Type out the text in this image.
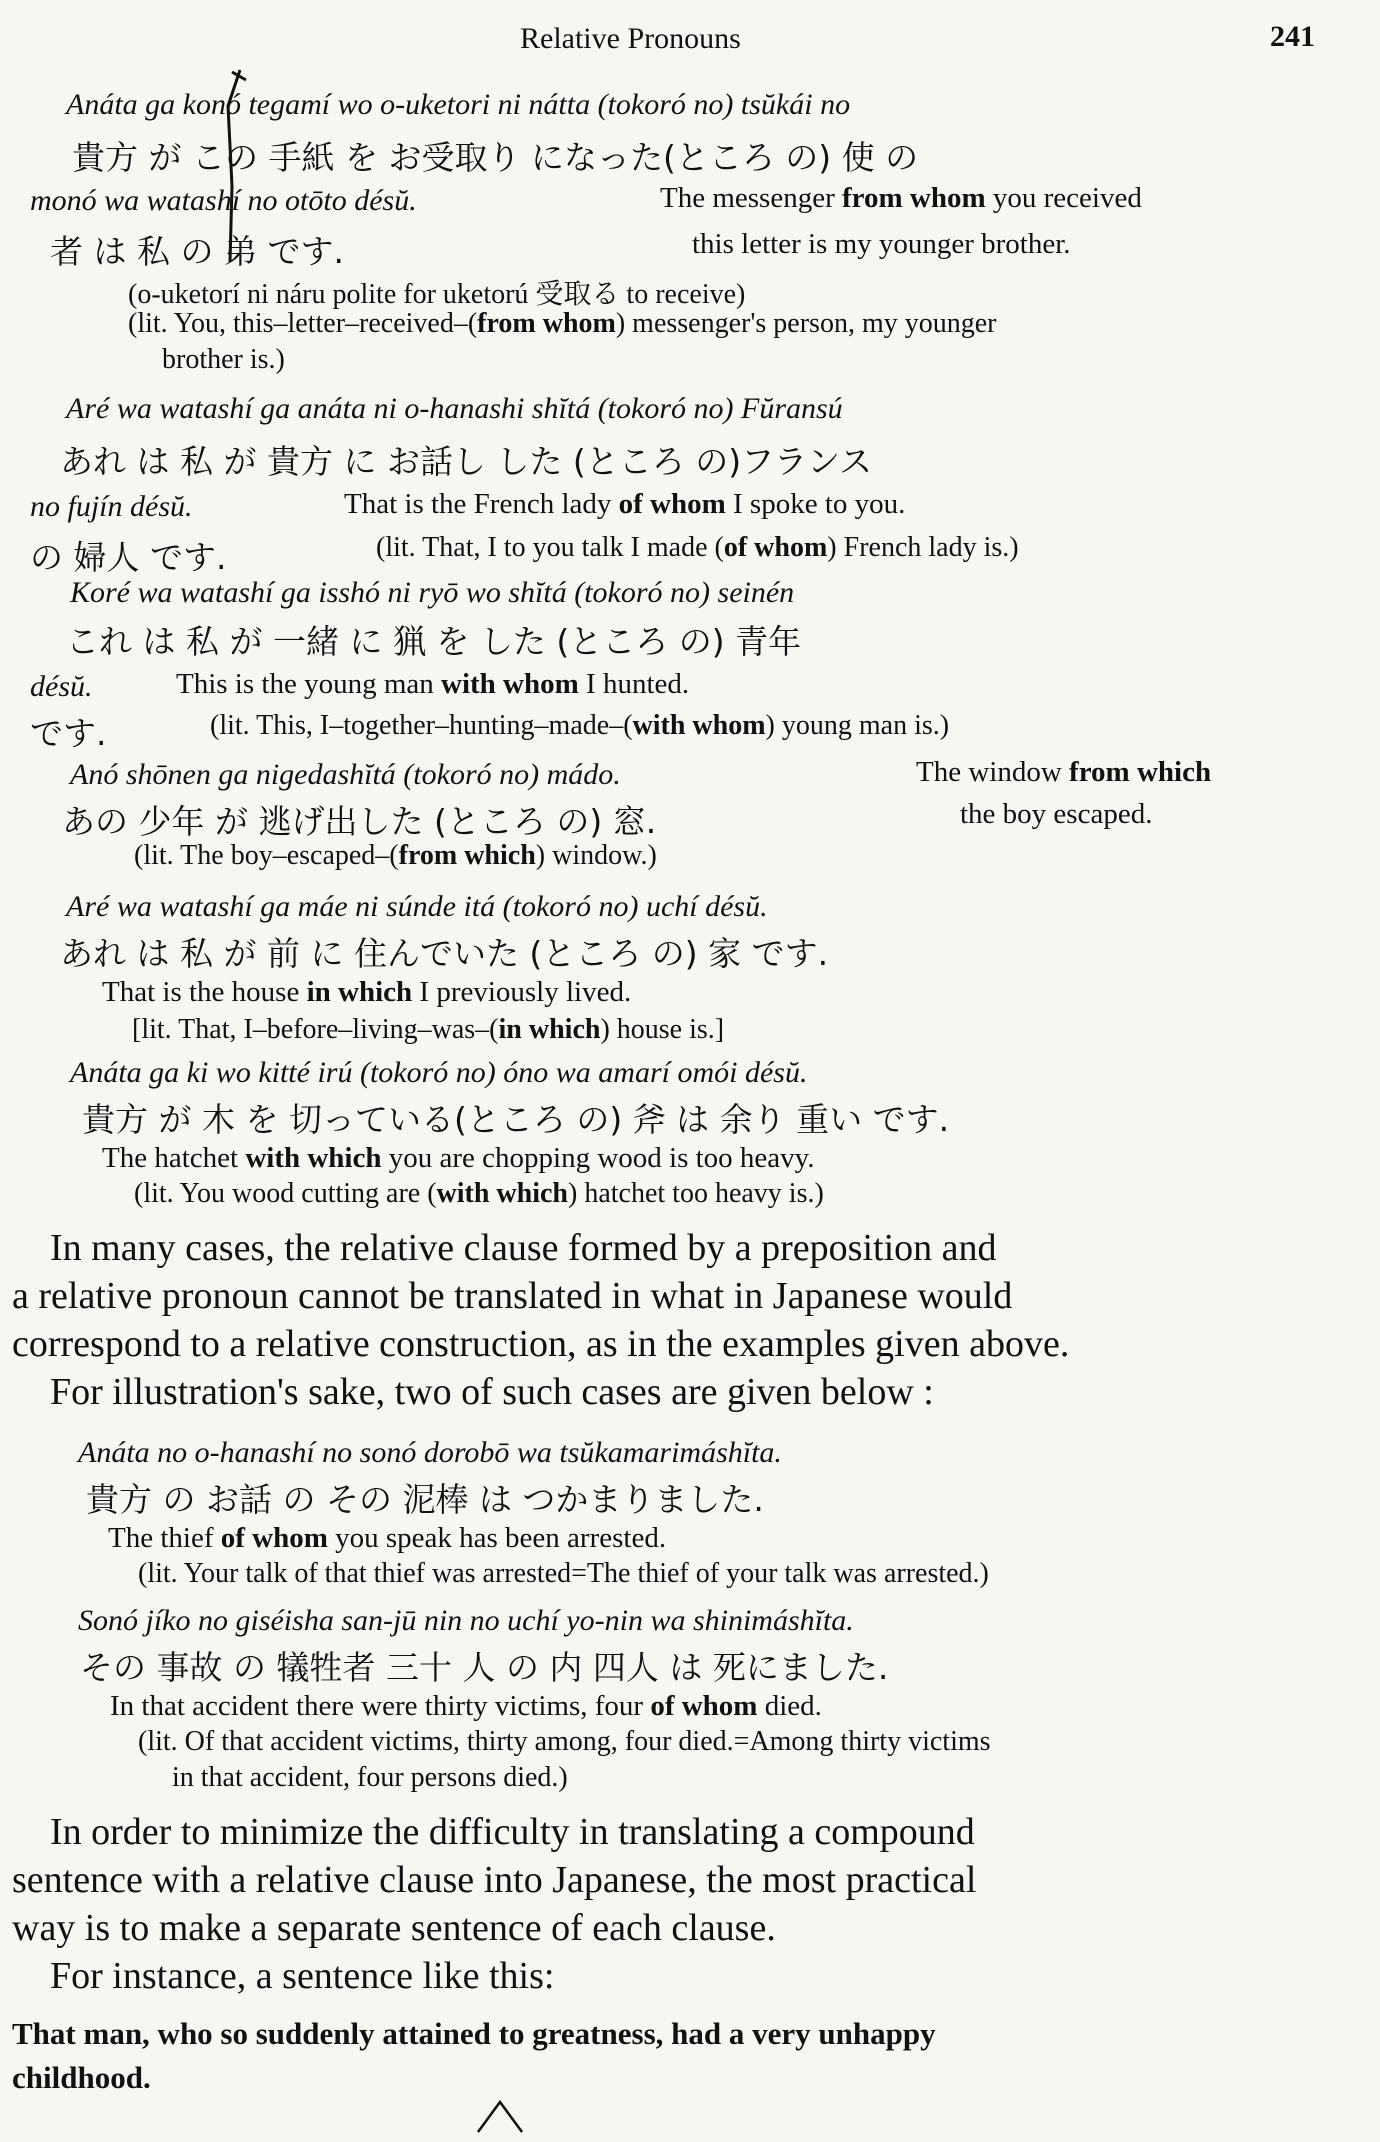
Relative Pronouns	241
Anáta ga konó tegamí wo o-uketori ni nátta (tokoró no) tsŭkái no
貴方 が この 手紙 を お受取り になった(ところ の) 使 の
monó wa watashí no otōto désŭ.	The messenger from whom you received
者 は 私 の 弟 です.	this letter is my younger brother.
(o-uketorí ni náru polite for uketorú 受取る to receive)
(lit. You, this–letter–received–(from whom) messenger's person, my younger
brother is.)
Aré wa watashí ga anáta ni o-hanashi shĭtá (tokoró no) Fŭransú
あれ は 私 が 貴方 に お話し した (ところ の)フランス
no fujín désŭ.	That is the French lady of whom I spoke to you.
の 婦人 です.	(lit. That, I to you talk I made (of whom) French lady is.)
Koré wa watashí ga isshó ni ryō wo shĭtá (tokoró no) seinén
これ は 私 が 一緒 に 猟 を した (ところ の) 青年
désŭ.	This is the young man with whom I hunted.
です.	(lit. This, I–together–hunting–made–(with whom) young man is.)
Anó shōnen ga nigedashĭtá (tokoró no) mádo.	The window from which
あの 少年 が 逃げ出した (ところ の) 窓.	the boy escaped.
(lit. The boy–escaped–(from which) window.)
Aré wa watashí ga máe ni súnde itá (tokoró no) uchí désŭ.
あれ は 私 が 前 に 住んでいた (ところ の) 家 です.
That is the house in which I previously lived.
[lit. That, I–before–living–was–(in which) house is.]
Anáta ga ki wo kitté irú (tokoró no) óno wa amarí omói désŭ.
貴方 が 木 を 切っている(ところ の) 斧 は 余り 重い です.
The hatchet with which you are chopping wood is too heavy.
(lit. You wood cutting are (with which) hatchet too heavy is.)
In many cases, the relative clause formed by a preposition and
a relative pronoun cannot be translated in what in Japanese would
correspond to a relative construction, as in the examples given above.
For illustration's sake, two of such cases are given below :
Anáta no o-hanashí no sonó dorobō wa tsŭkamarimáshĭta.
貴方 の お話 の その 泥棒 は つかまりました.
The thief of whom you speak has been arrested.
(lit. Your talk of that thief was arrested=The thief of your talk was arrested.)
Sonó jíko no giséisha san-jū nin no uchí yo-nin wa shinimáshĭta.
その 事故 の 犠牲者 三十 人 の 内 四人 は 死にました.
In that accident there were thirty victims, four of whom died.
(lit. Of that accident victims, thirty among, four died.=Among thirty victims
in that accident, four persons died.)
In order to minimize the difficulty in translating a compound
sentence with a relative clause into Japanese, the most practical
way is to make a separate sentence of each clause.
For instance, a sentence like this:
That man, who so suddenly attained to greatness, had a very unhappy
childhood.
